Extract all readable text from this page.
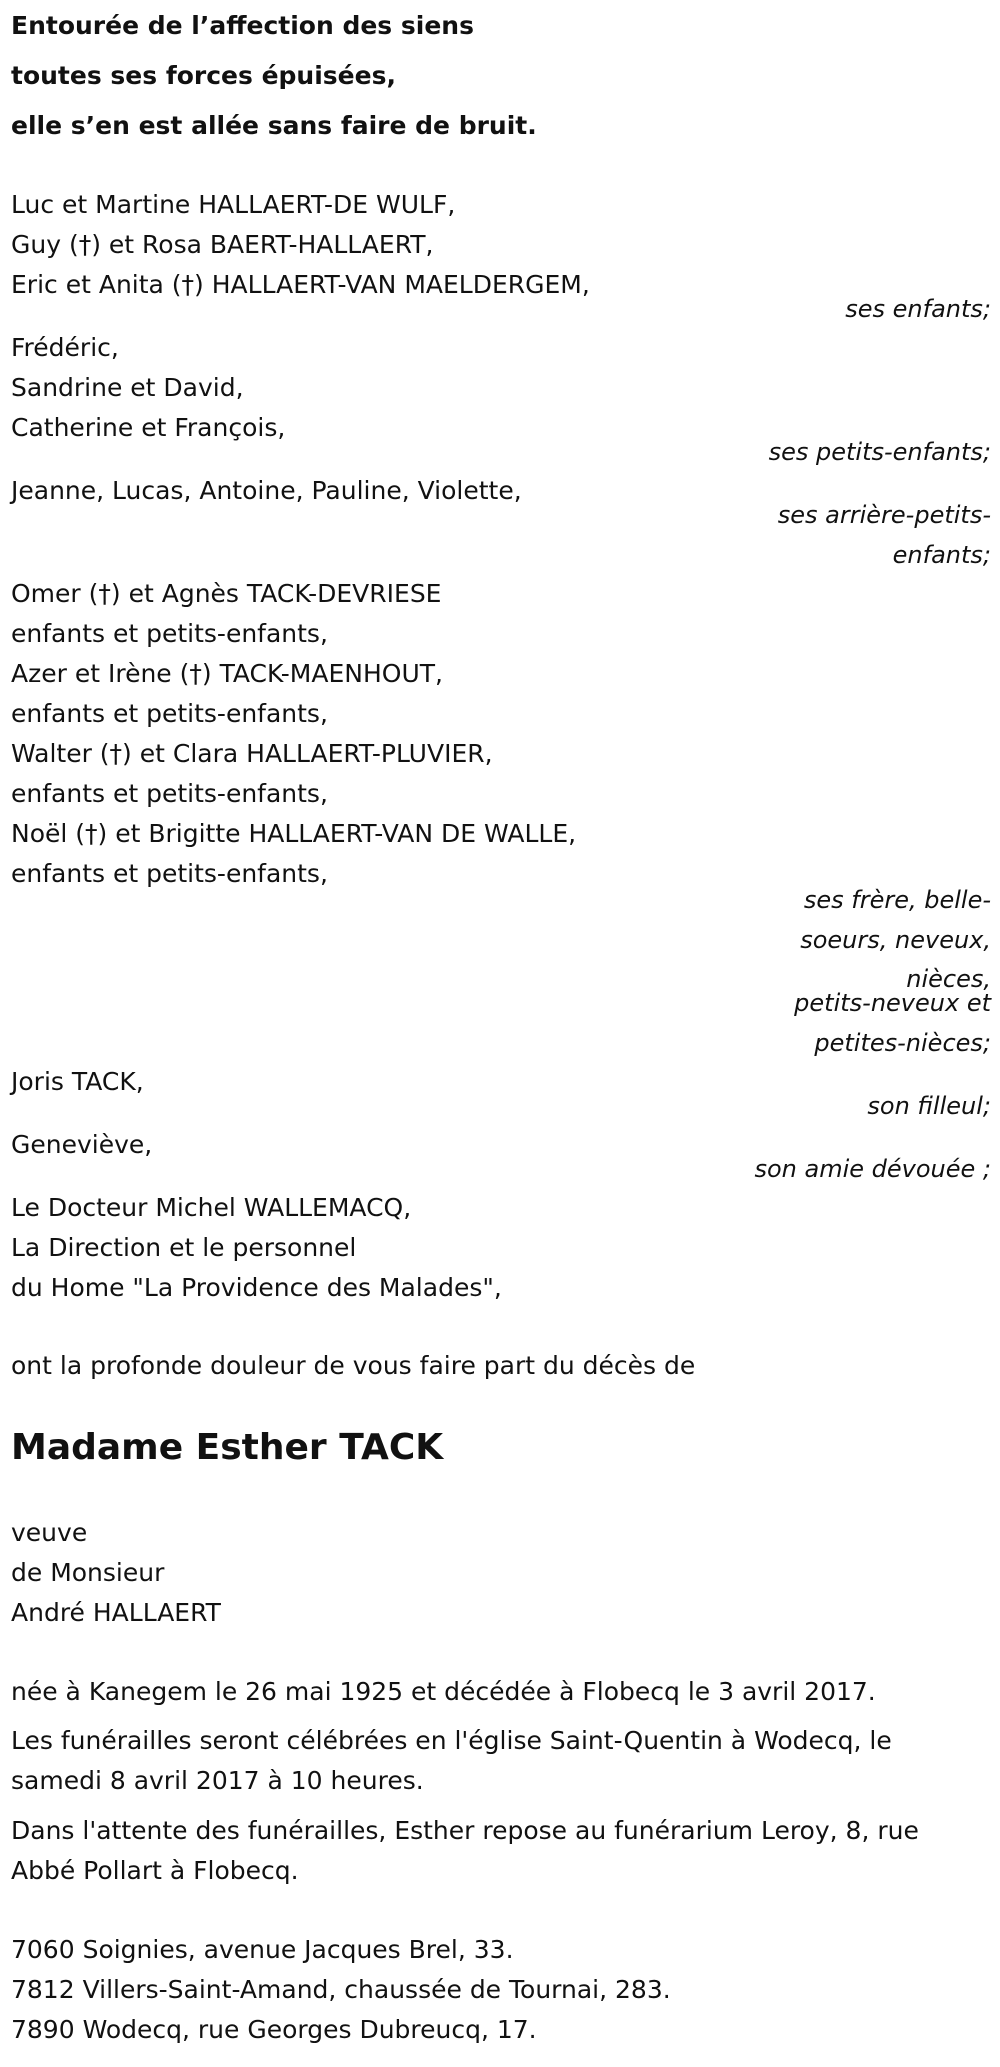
Entourée de l’affection des siens
toutes ses forces épuisées,
elle s’en est allée sans faire de bruit.
Luc et Martine HALLAERT-DE WULF,
Guy (†) et Rosa BAERT-HALLAERT,
Eric et Anita (†) HALLAERT-VAN MAELDERGEM,
ses enfants;
Frédéric,
Sandrine et David,
Catherine et François,
ses petits-enfants;
Jeanne, Lucas, Antoine, Pauline, Violette,
ses arrière-petits-
enfants;
Omer (†) et Agnès TACK-DEVRIESE
enfants et petits-enfants,
Azer et Irène (†) TACK-MAENHOUT,
enfants et petits-enfants,
Walter (†) et Clara HALLAERT-PLUVIER,
enfants et petits-enfants,
Noël (†) et Brigitte HALLAERT-VAN DE WALLE,
enfants et petits-enfants,
ses frère, belle-
soeurs, neveux,
nièces,
petits-neveux et
petites-nièces;
Joris TACK,
son filleul;
Geneviève,
son amie dévouée ;
Le Docteur Michel WALLEMACQ,
La Direction et le personnel
du Home "La Providence des Malades",
ont la profonde douleur de vous faire part du décès de
Madame Esther TACK
veuve
de Monsieur
André HALLAERT
née à Kanegem le 26 mai 1925 et décédée à Flobecq le 3 avril 2017.
Les funérailles seront célébrées en l'église Saint-Quentin à Wodecq, le
samedi 8 avril 2017 à 10 heures.
Dans l'attente des funérailles, Esther repose au funérarium Leroy, 8, rue
Abbé Pollart à Flobecq.
7060 Soignies, avenue Jacques Brel, 33.
7812 Villers-Saint-Amand, chaussée de Tournai, 283.
7890 Wodecq, rue Georges Dubreucq, 17.
